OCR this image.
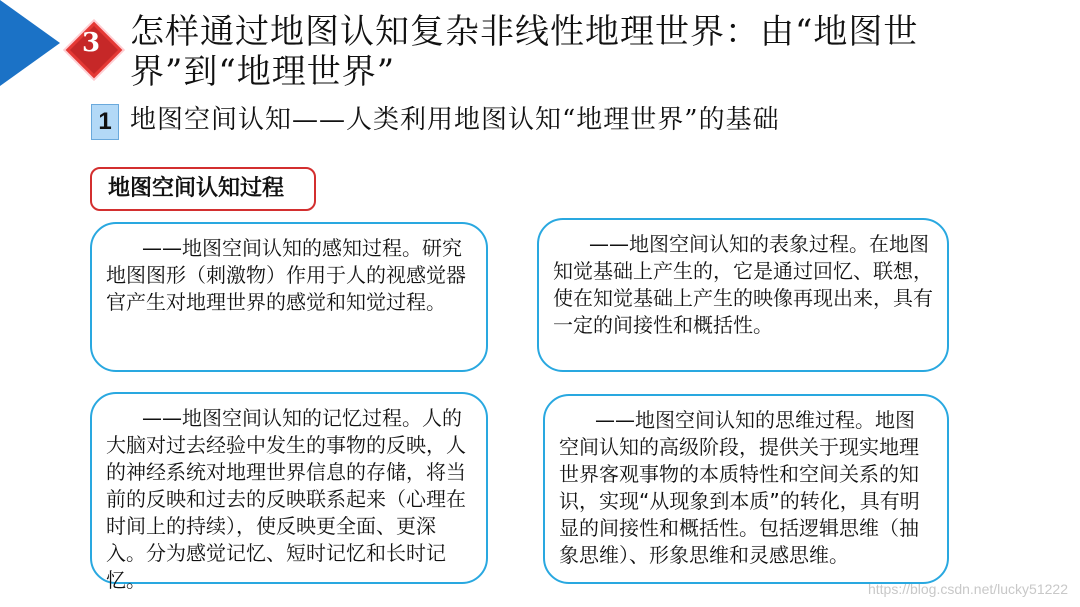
3 怎样通过地图认知复杂非线性地理世界：由“地图世界”到“地理世界”
1 地图空间认知——人类利用地图认知“地理世界”的基础
地图空间认知过程
——地图空间认知的感知过程。研究地图图形（刺激物）作用于人的视感觉器官产生对地理世界的感觉和知觉过程。
——地图空间认知的表象过程。在地图知觉基础上产生的，它是通过回忆、联想，使在知觉基础上产生的映像再现出来，具有一定的间接性和概括性。
——地图空间认知的记忆过程。人的大脑对过去经验中发生的事物的反映，人的神经系统对地理世界信息的存储，将当前的反映和过去的反映联系起来（心理在时间上的持续），使反映更全面、更深入。分为感觉记忆、短时记忆和长时记忆。
——地图空间认知的思维过程。地图空间认知的高级阶段，提供关于现实地理世界客观事物的本质特性和空间关系的知识，实现“从现象到本质”的转化，具有明显的间接性和概括性。包括逻辑思维（抽象思维）、形象思维和灵感思维。
https://blog.csdn.net/lucky51222
